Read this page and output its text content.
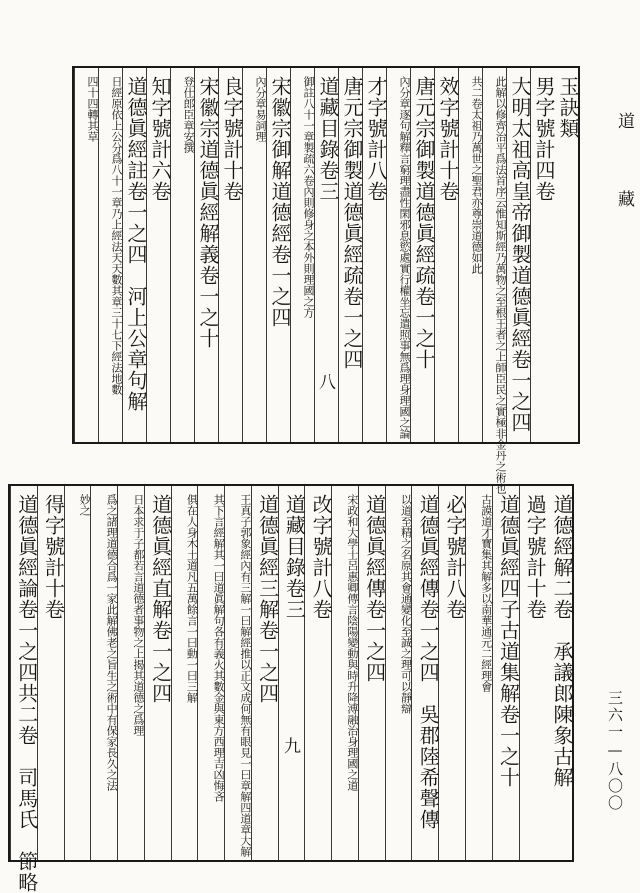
道
藏
三六一—八〇〇
玉訣類
男字號計四卷
大明太祖高皇帝御製道德眞經卷一之四
此解以修齊治平爲法首序云惟知斯經乃萬物
之至根王者之上師臣民之實極非金丹之術也
共二卷太祖乃萬世之聖君
亦尊崇道德如此
效字號計十卷
唐元宗御製道德眞經疏卷一之十
內分章逐句解釋言窮理盡性閑邪息慾處實
行權坐忘遣照事無爲理身理國之論
才字號計八卷
唐元宗御製道德眞經疏卷一之四
道藏目錄卷三
御註八十一章製疏六卷內
則修身之本外則理國之方
宋徽宗御解道德經卷一之四
內分章
易詞理
良字號計十卷
宋徽宗道德眞經解義卷一之十
登仕郎臣
章安撰
知字號計六卷
道德眞經註卷一之四　河上公章句解
日經原依上公分爲八十一章乃
上經法天天數其章三十七下經法地數
四十四
轉其草
八
道德經解二卷　承議郎陳象古解
過字號計十卷
道德眞經四子古道集解卷一之十
古謨道才寶集其解多
以南華通元二經理會
必字號計八卷
道德眞經傳卷一之四　吳郡陸希聲傳
以道至精之名原其會通變化
至誠之理可以靜辯
道德眞經傳卷一之四
宋政和大學士呂惠卿傳言陰陽
變動與時升降溥融治身理國之道
改字號計八卷
道藏目錄卷三
道德眞經三解卷一之四
王真子郭象經內有三解一曰解經推以正文
成何無有眼見一曰章解四道章大解
其下言經解其一曰道眞解句各有義
火其數金與東方西理吉凶悔吝
俱在人身木土道凡五萬餘言
一曰動一曰三解
道德眞經直解卷一之四
日本求于子都若言道德者事物
之上揭其道德之爲理
爲之諸理道德合爲一家此解佛老之旨
生之術中有保家長久之法
妙之
得字號計十卷
道德眞經論卷一之四共二卷　司馬氏　節略	九
